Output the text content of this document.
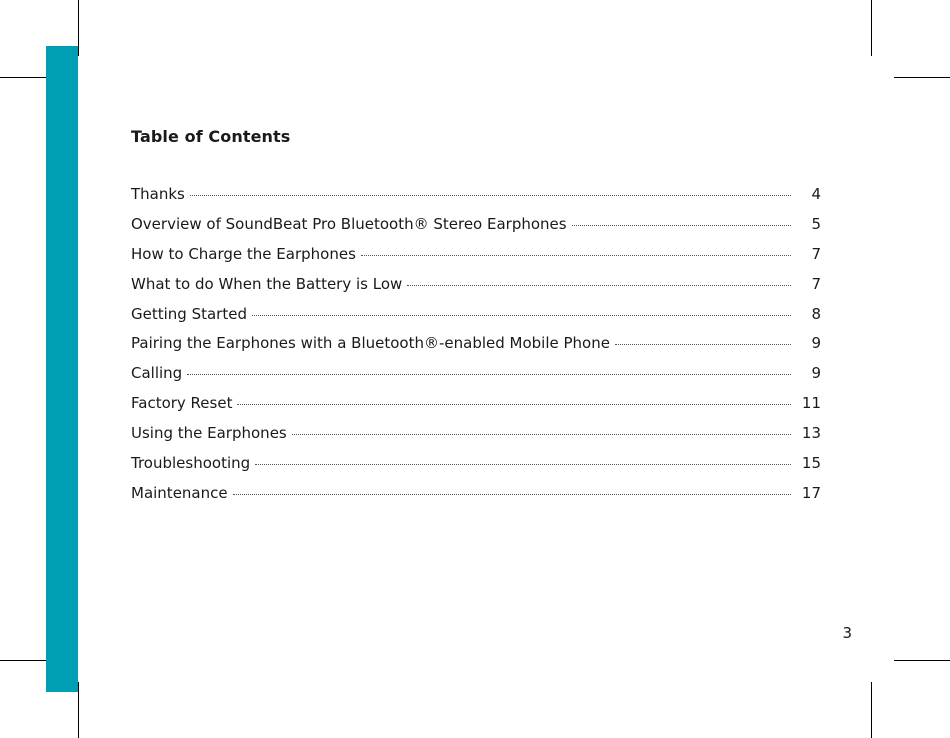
Table of Contents
Thanks	4
Overview of SoundBeat Pro Bluetooth® Stereo Earphones	5
How to Charge the Earphones	7
What to do When the Battery is Low	7
Getting Started	8
Pairing the Earphones with a Bluetooth®-enabled Mobile Phone	9
Calling	9
Factory Reset	11
Using the Earphones	13
Troubleshooting	15
Maintenance	17
3
